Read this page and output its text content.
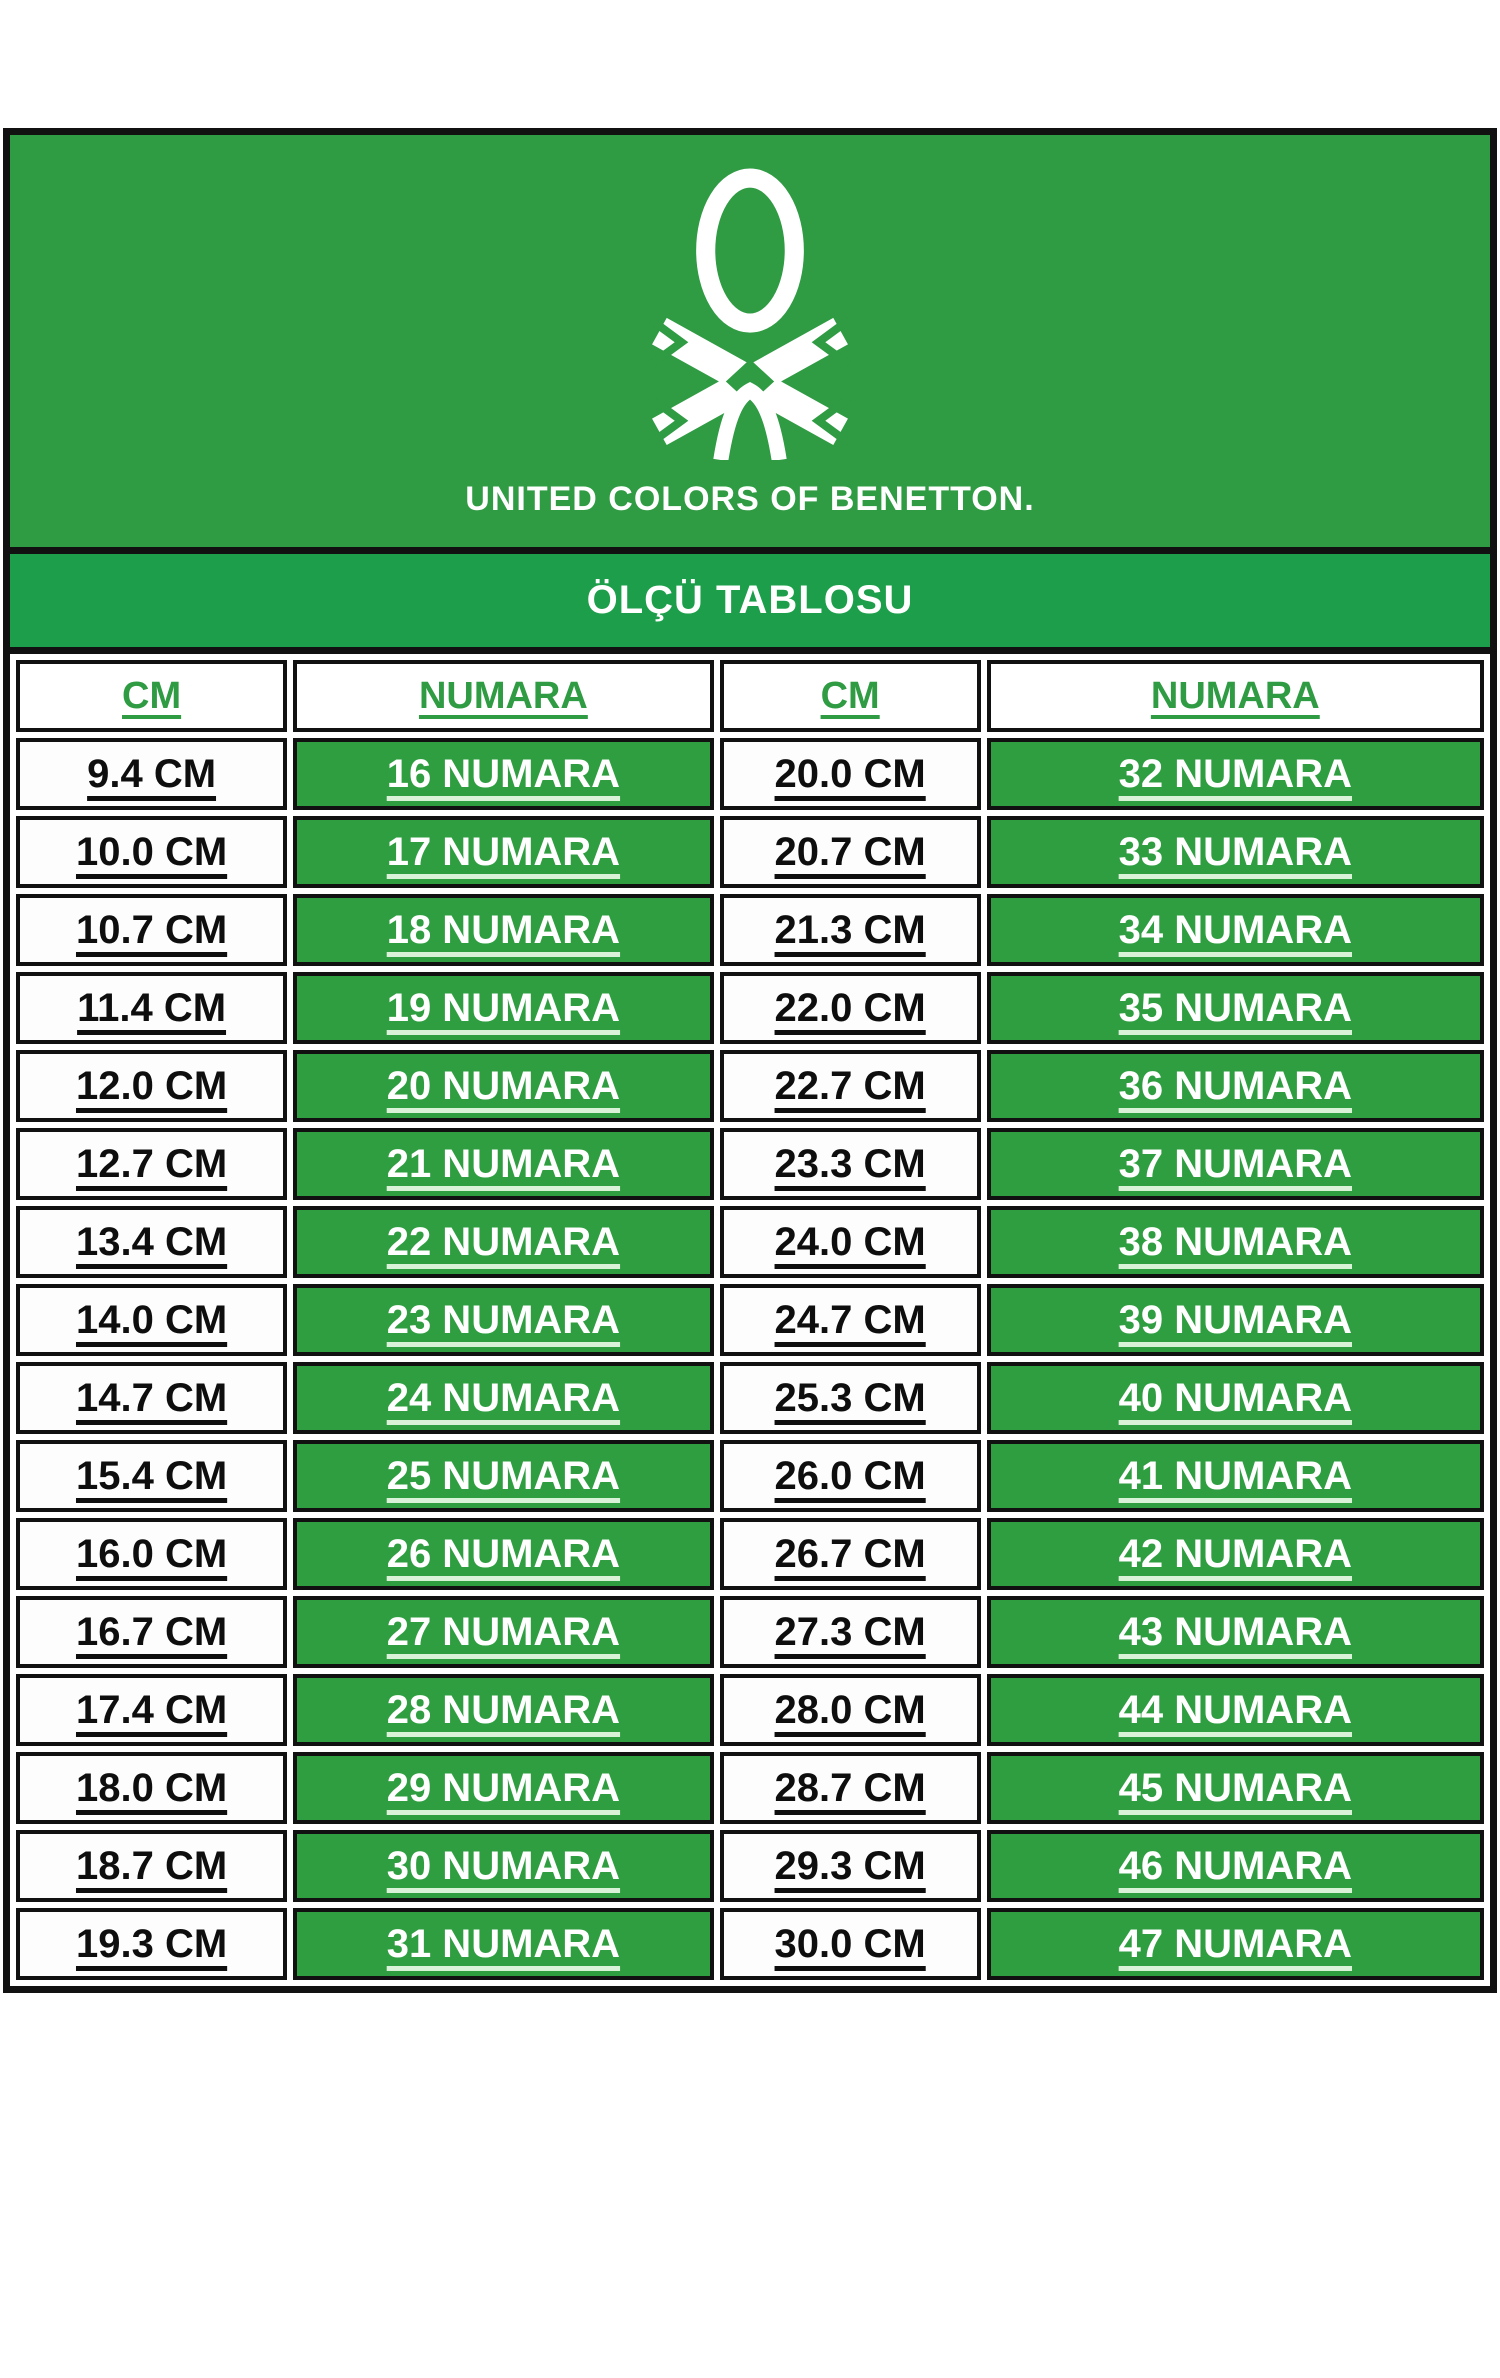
UNITED COLORS OF BENETTON.
ÖLÇÜ TABLOSU
CM	NUMARA	CM	NUMARA
9.4 CM	16 NUMARA	20.0 CM	32 NUMARA
10.0 CM	17 NUMARA	20.7 CM	33 NUMARA
10.7 CM	18 NUMARA	21.3 CM	34 NUMARA
11.4 CM	19 NUMARA	22.0 CM	35 NUMARA
12.0 CM	20 NUMARA	22.7 CM	36 NUMARA
12.7 CM	21 NUMARA	23.3 CM	37 NUMARA
13.4 CM	22 NUMARA	24.0 CM	38 NUMARA
14.0 CM	23 NUMARA	24.7 CM	39 NUMARA
14.7 CM	24 NUMARA	25.3 CM	40 NUMARA
15.4 CM	25 NUMARA	26.0 CM	41 NUMARA
16.0 CM	26 NUMARA	26.7 CM	42 NUMARA
16.7 CM	27 NUMARA	27.3 CM	43 NUMARA
17.4 CM	28 NUMARA	28.0 CM	44 NUMARA
18.0 CM	29 NUMARA	28.7 CM	45 NUMARA
18.7 CM	30 NUMARA	29.3 CM	46 NUMARA
19.3 CM	31 NUMARA	30.0 CM	47 NUMARA
